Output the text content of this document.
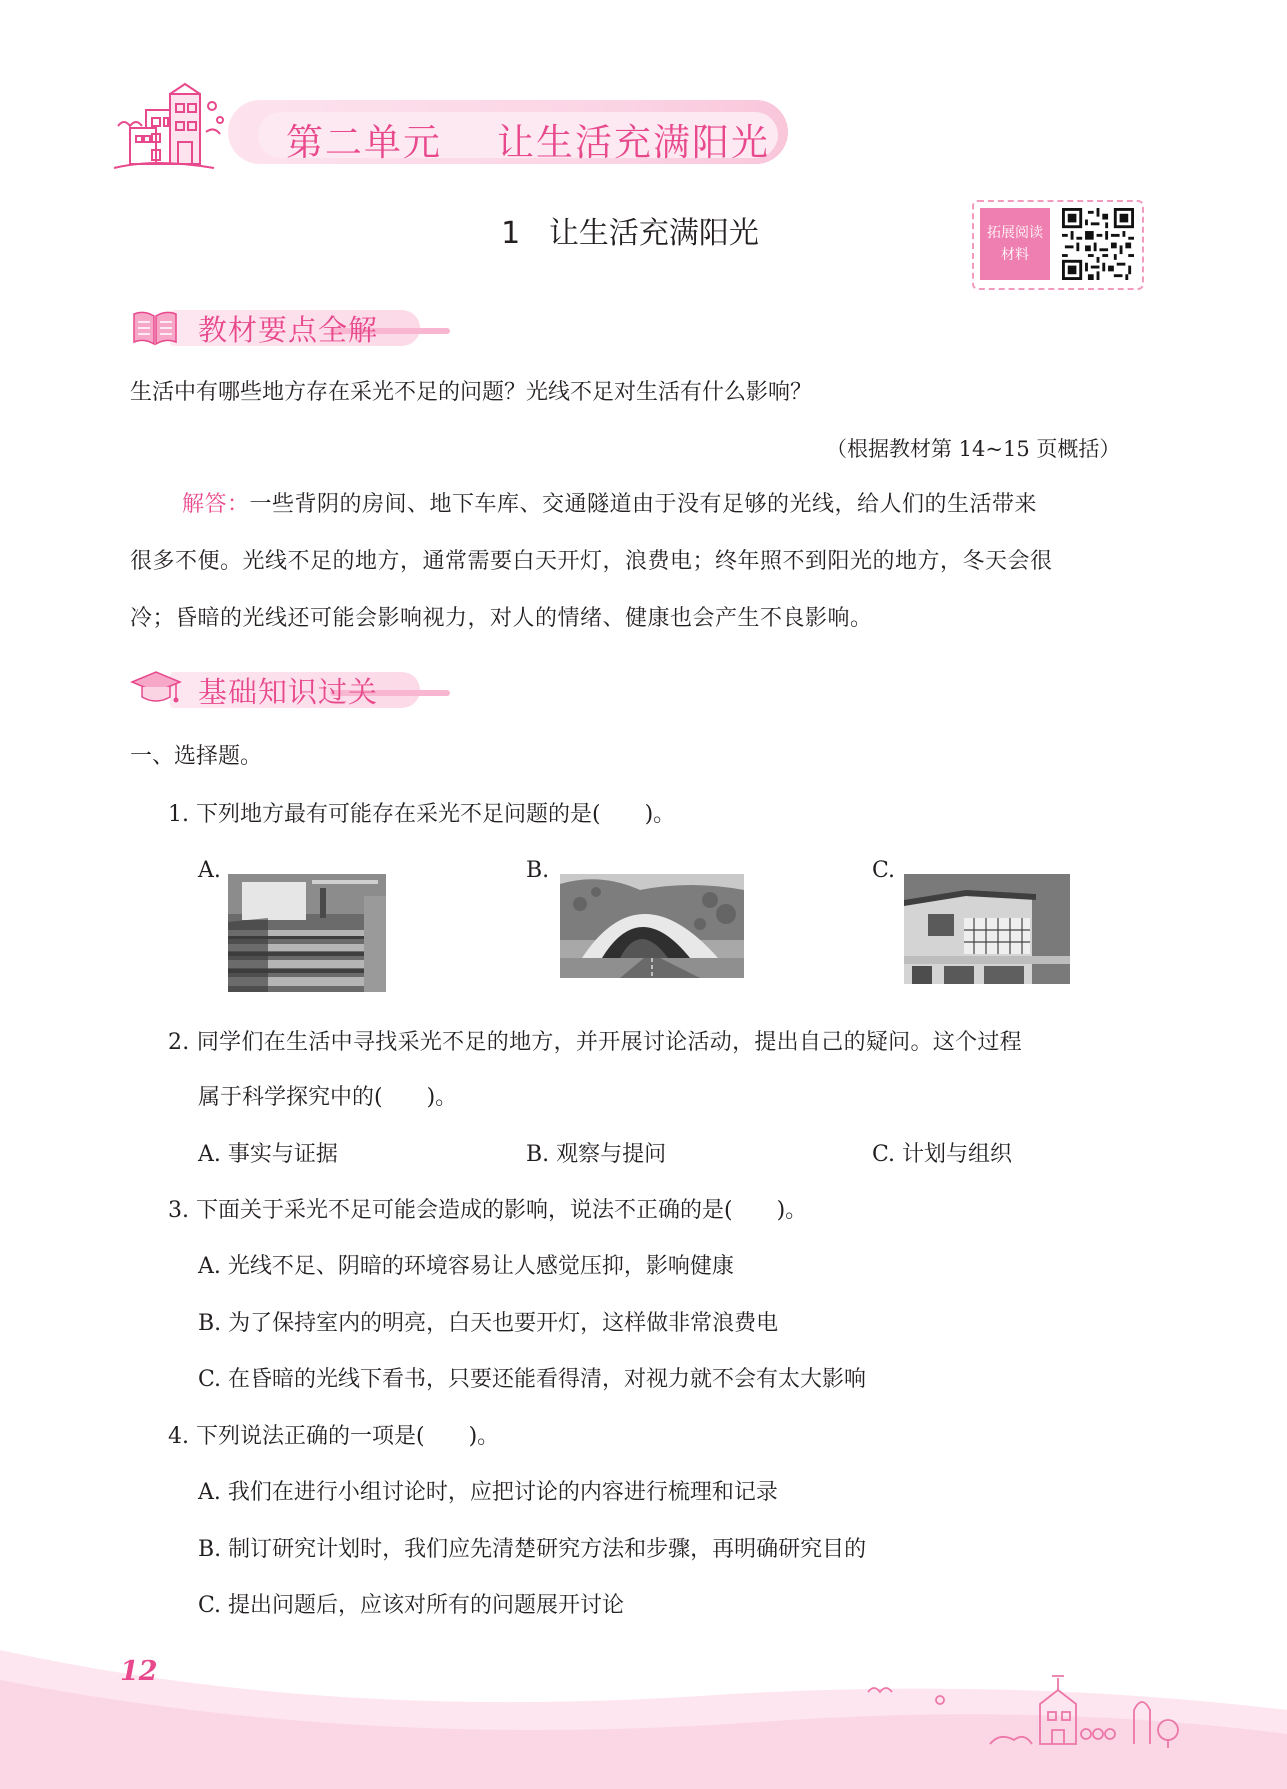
第二单元    让生活充满阳光
1   让生活充满阳光	拓展阅读
材料
教材要点全解
生活中有哪些地方存在采光不足的问题？光线不足对生活有什么影响？
（根据教材第 14~15 页概括）
解答：一些背阴的房间、地下车库、交通隧道由于没有足够的光线，给人们的生活带来
很多不便。光线不足的地方，通常需要白天开灯，浪费电；终年照不到阳光的地方，冬天会很
冷；昏暗的光线还可能会影响视力，对人的情绪、健康也会产生不良影响。
基础知识过关
一、选择题。
1. 下列地方最有可能存在采光不足问题的是(　　)。
A.	B.	C.
2. 同学们在生活中寻找采光不足的地方，并开展讨论活动，提出自己的疑问。这个过程
属于科学探究中的(　　)。
A. 事实与证据	B. 观察与提问	C. 计划与组织
3. 下面关于采光不足可能会造成的影响，说法不正确的是(　　)。
A. 光线不足、阴暗的环境容易让人感觉压抑，影响健康
B. 为了保持室内的明亮，白天也要开灯，这样做非常浪费电
C. 在昏暗的光线下看书，只要还能看得清，对视力就不会有太大影响
4. 下列说法正确的一项是(　　)。
A. 我们在进行小组讨论时，应把讨论的内容进行梳理和记录
B. 制订研究计划时，我们应先清楚研究方法和步骤，再明确研究目的
C. 提出问题后，应该对所有的问题展开讨论
12
